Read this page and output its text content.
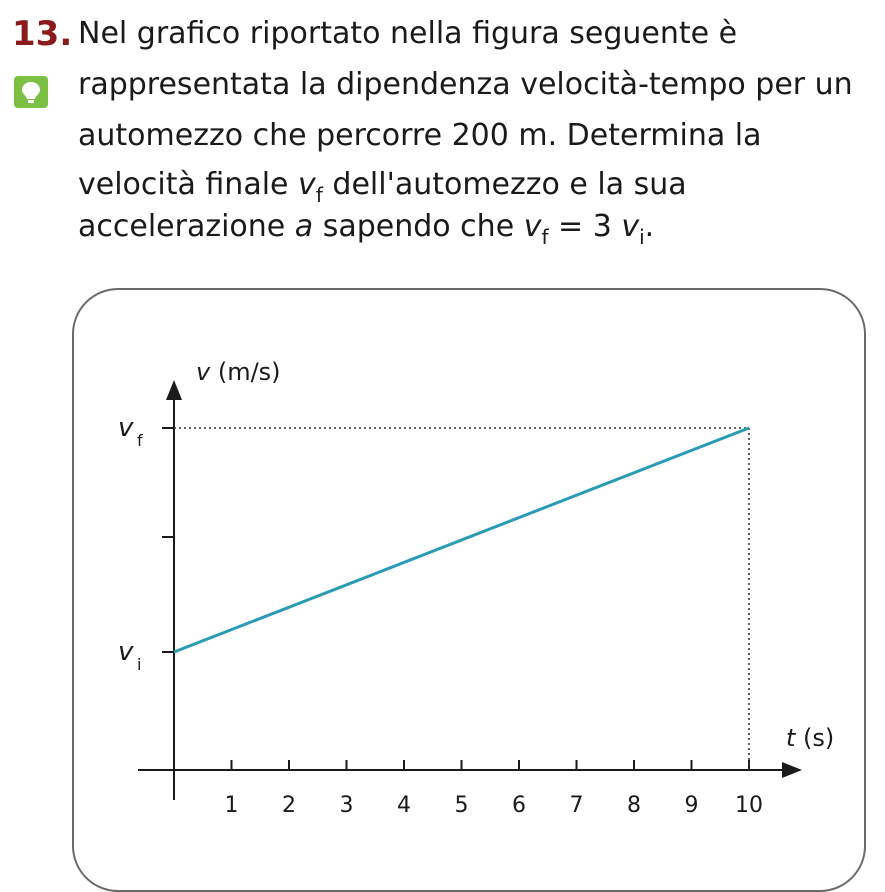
13. Nel grafico riportato nella figura seguente è
rappresentata la dipendenza velocità-tempo per un
automezzo che percorre 200 m. Determina la
velocità finale $v_f$ dell'automezzo e la sua
accelerazione a sapendo che $v_f = 3$ $v_i$.
1 2 3 4 5 6 7 8 9 10
v i
v f
v (m/s)
t (s)
